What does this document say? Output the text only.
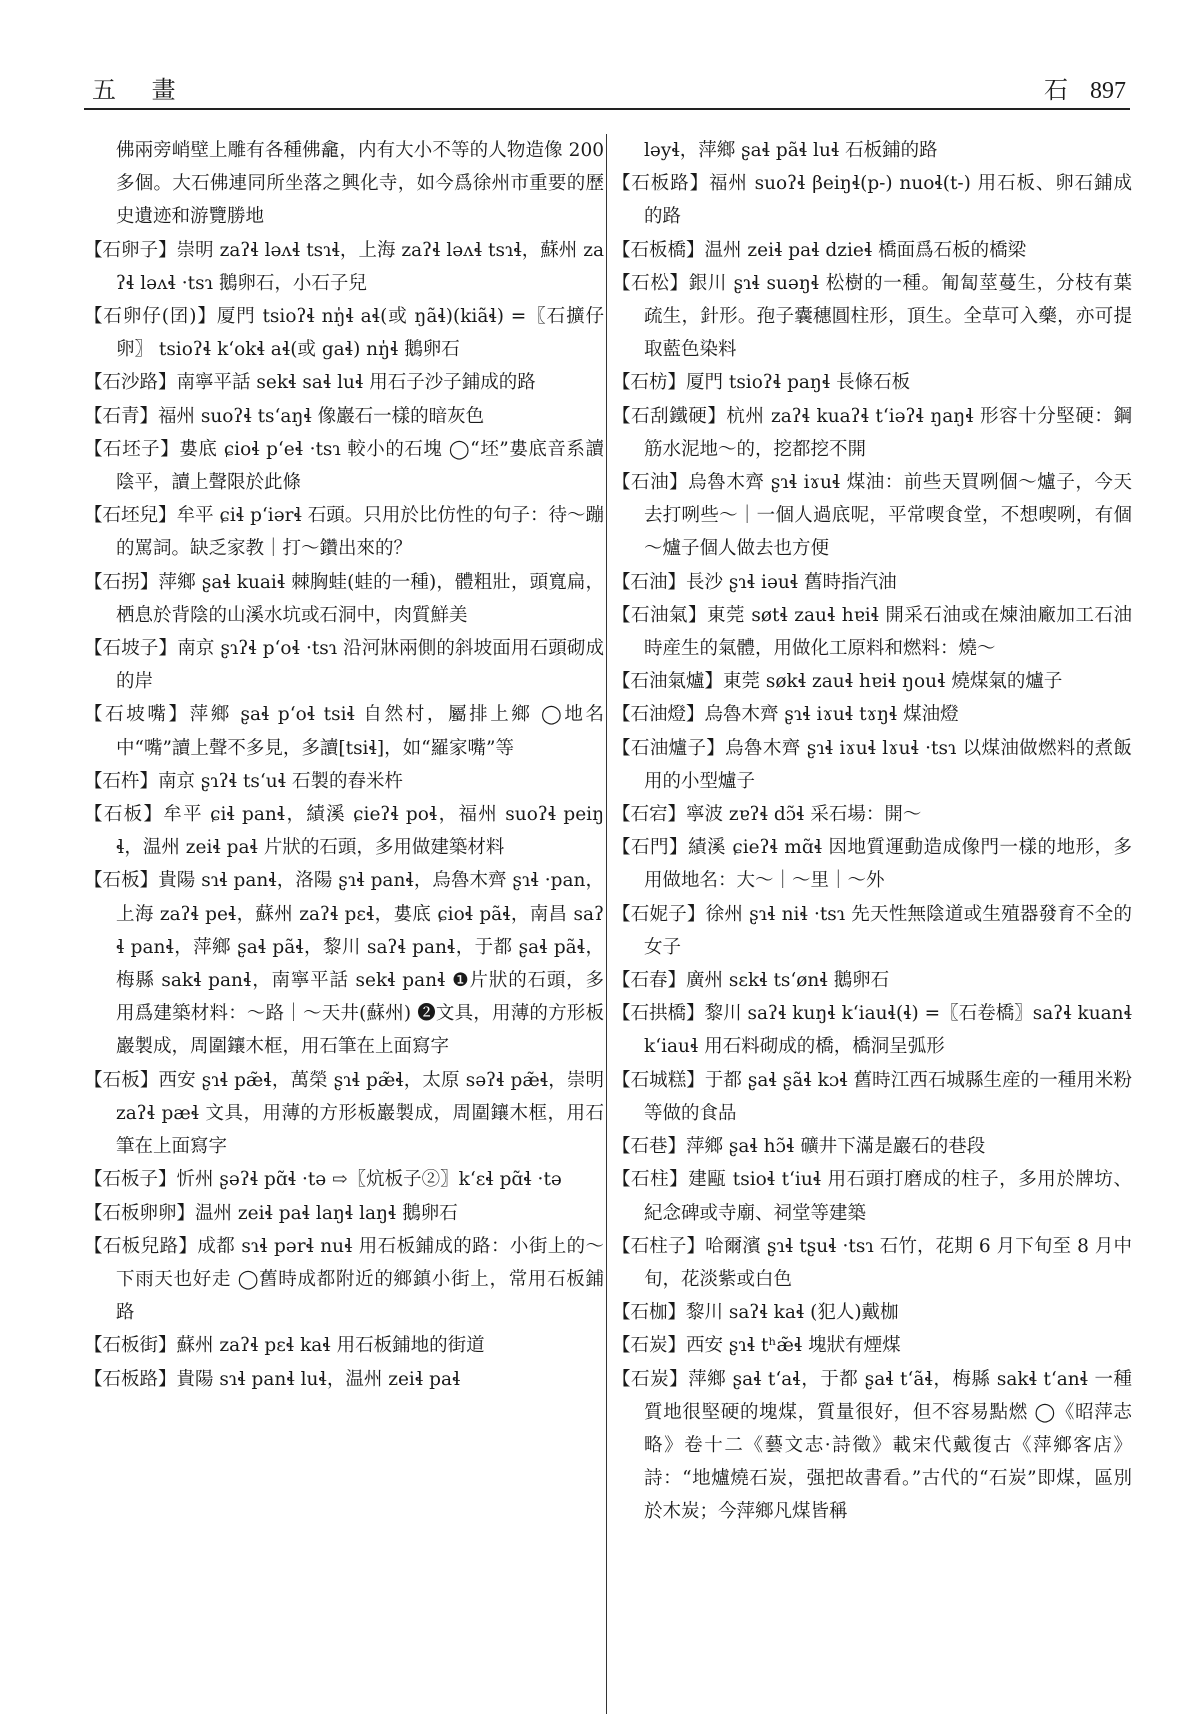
五 畫	石 897
佛兩旁峭壁上雕有各種佛龕，内有大小不等的人物造像 200 多個。大石佛連同所坐落之興化寺，如今爲徐州市重要的歷史遺迹和游覽勝地
【石卵子】崇明 zaʔɬ ləʌɬ tsɿɬ，上海 zaʔɬ ləʌɬ tsɿɬ，蘇州 zaʔɬ ləʌɬ ·tsɿ 鵝卵石，小石子兒
【石卵仔(囝)】厦門 tsioʔɬ nŋ̍ɬ aɬ(或 ŋãɬ)(kiãɬ) =〖石擴仔卵〗 tsioʔɬ kʻokɬ aɬ(或 gaɬ) nŋ̍ɬ 鵝卵石
【石沙路】南寧平話 sekɬ saɬ luɬ 用石子沙子鋪成的路
【石青】福州 suoʔɬ tsʻaŋɬ 像巖石一樣的暗灰色
【石坯子】婁底 ɕioɬ pʻeɬ ·tsɿ 較小的石塊 ◯“坯”婁底音系讀陰平，讀上聲限於此條
【石坯兒】牟平 ɕiɬ pʻiərɬ 石頭。只用於比仿性的句子：待～蹦的罵詞。缺乏家教｜打～鑽出來的？
【石拐】萍鄉 ʂaɬ kuaiɬ 棘胸蛙(蛙的一種)，體粗壯，頭寬扁，栖息於背陰的山溪水坑或石洞中，肉質鮮美
【石坡子】南京 ʂɿʔɬ pʻoɬ ·tsɿ 沿河牀兩側的斜坡面用石頭砌成的岸
【石坡嘴】萍鄉 ʂaɬ pʻoɬ tsiɬ 自然村，屬排上鄉 ◯地名中“嘴”讀上聲不多見，多讀[tsiɬ]，如“羅家嘴”等
【石杵】南京 ʂɿʔɬ tsʻuɬ 石製的舂米杵
【石板】牟平 ɕiɬ panɬ，績溪 ɕieʔɬ poɬ，福州 suoʔɬ peiŋɬ，温州 zeiɬ paɬ 片狀的石頭，多用做建築材料
【石板】貴陽 sɿɬ panɬ，洛陽 ʂɿɬ panɬ，烏魯木齊 ʂɿɬ ·pan，上海 zaʔɬ peɬ，蘇州 zaʔɬ pɛɬ，婁底 ɕioɬ pãɬ，南昌 saʔɬ panɬ，萍鄉 ʂaɬ pãɬ，黎川 saʔɬ panɬ，于都 ʂaɬ pãɬ，梅縣 sakɬ panɬ，南寧平話 sekɬ panɬ ❶片狀的石頭，多用爲建築材料：～路｜～天井(蘇州) ❷文具，用薄的方形板巖製成，周圍鑲木框，用石筆在上面寫字
【石板】西安 ʂɿɬ pæ̃ɬ，萬榮 ʂɿɬ pæ̃ɬ，太原 səʔɬ pæ̃ɬ，崇明 zaʔɬ pæɬ 文具，用薄的方形板巖製成，周圍鑲木框，用石筆在上面寫字
【石板子】忻州 ʂəʔɬ pɑ̃ɬ ·tə ⇨〖炕板子②〗kʻɛɬ pɑ̃ɬ ·tə
【石板卵卵】温州 zeiɬ paɬ laŋɬ laŋɬ 鵝卵石
【石板兒路】成都 sɿɬ pərɬ nuɬ 用石板鋪成的路：小街上的～下雨天也好走 ◯舊時成都附近的鄉鎮小街上，常用石板鋪路
【石板街】蘇州 zaʔɬ pɛɬ kaɬ 用石板鋪地的街道
【石板路】貴陽 sɿɬ panɬ luɬ，温州 zeiɬ paɬ
ləyɬ，萍鄉 ʂaɬ pãɬ luɬ 石板鋪的路
【石板路】福州 suoʔɬ βeiŋɬ(p-) nuoɬ(t-) 用石板、卵石鋪成的路
【石板橋】温州 zeiɬ paɬ dzieɬ 橋面爲石板的橋梁
【石松】銀川 ʂɿɬ suəŋɬ 松樹的一種。匍匐莖蔓生，分枝有葉疏生，針形。孢子囊穗圓柱形，頂生。全草可入藥，亦可提取藍色染料
【石枋】厦門 tsioʔɬ paŋɬ 長條石板
【石刮鐵硬】杭州 zaʔɬ kuaʔɬ tʻiəʔɬ ŋaŋɬ 形容十分堅硬：鋼筋水泥地～的，挖都挖不開
【石油】烏魯木齊 ʂɿɬ iɤuɬ 煤油：前些天買咧個～爐子，今天去打咧些～｜一個人過底呢，平常喫食堂，不想喫咧，有個～爐子個人做去也方便
【石油】長沙 ʂɿɬ iəuɬ 舊時指汽油
【石油氣】東莞 søtɬ zauɬ hɐiɬ 開采石油或在煉油廠加工石油時産生的氣體，用做化工原料和燃料：燒～
【石油氣爐】東莞 søkɬ zauɬ hɐiɬ ŋouɬ 燒煤氣的爐子
【石油燈】烏魯木齊 ʂɿɬ iɤuɬ tɤŋɬ 煤油燈
【石油爐子】烏魯木齊 ʂɿɬ iɤuɬ lɤuɬ ·tsɿ 以煤油做燃料的煮飯用的小型爐子
【石宕】寧波 zɐʔɬ dɔ̃ɬ 采石場：開～
【石門】績溪 ɕieʔɬ mɑ̃ɬ 因地質運動造成像門一樣的地形，多用做地名：大～｜～里｜～外
【石妮子】徐州 ʂɿɬ niɬ ·tsɿ 先天性無陰道或生殖器發育不全的女子
【石春】廣州 sɛkɬ tsʻønɬ 鵝卵石
【石拱橋】黎川 saʔɬ kuŋɬ kʻiauɬ(ɬ) =〖石卷橋〗saʔɬ kuanɬ kʻiauɬ 用石料砌成的橋，橋洞呈弧形
【石城糕】于都 ʂaɬ ʂãɬ kɔɬ 舊時江西石城縣生産的一種用米粉等做的食品
【石巷】萍鄉 ʂaɬ hɔ̃ɬ 礦井下滿是巖石的巷段
【石柱】建甌 tsioɬ tʻiuɬ 用石頭打磨成的柱子，多用於牌坊、紀念碑或寺廟、祠堂等建築
【石柱子】哈爾濱 ʂɿɬ tʂuɬ ·tsɿ 石竹，花期 6 月下旬至 8 月中旬，花淡紫或白色
【石枷】黎川 saʔɬ kaɬ (犯人)戴枷
【石炭】西安 ʂɿɬ tʰæ̃ɬ 塊狀有煙煤
【石炭】萍鄉 ʂaɬ tʻaɬ，于都 ʂaɬ tʻãɬ，梅縣 sakɬ tʻanɬ 一種質地很堅硬的塊煤，質量很好，但不容易點燃 ◯《昭萍志略》卷十二《藝文志·詩徵》載宋代戴復古《萍鄉客店》詩：“地爐燒石炭，强把故書看。”古代的“石炭”即煤，區別於木炭；今萍鄉凡煤皆稱
